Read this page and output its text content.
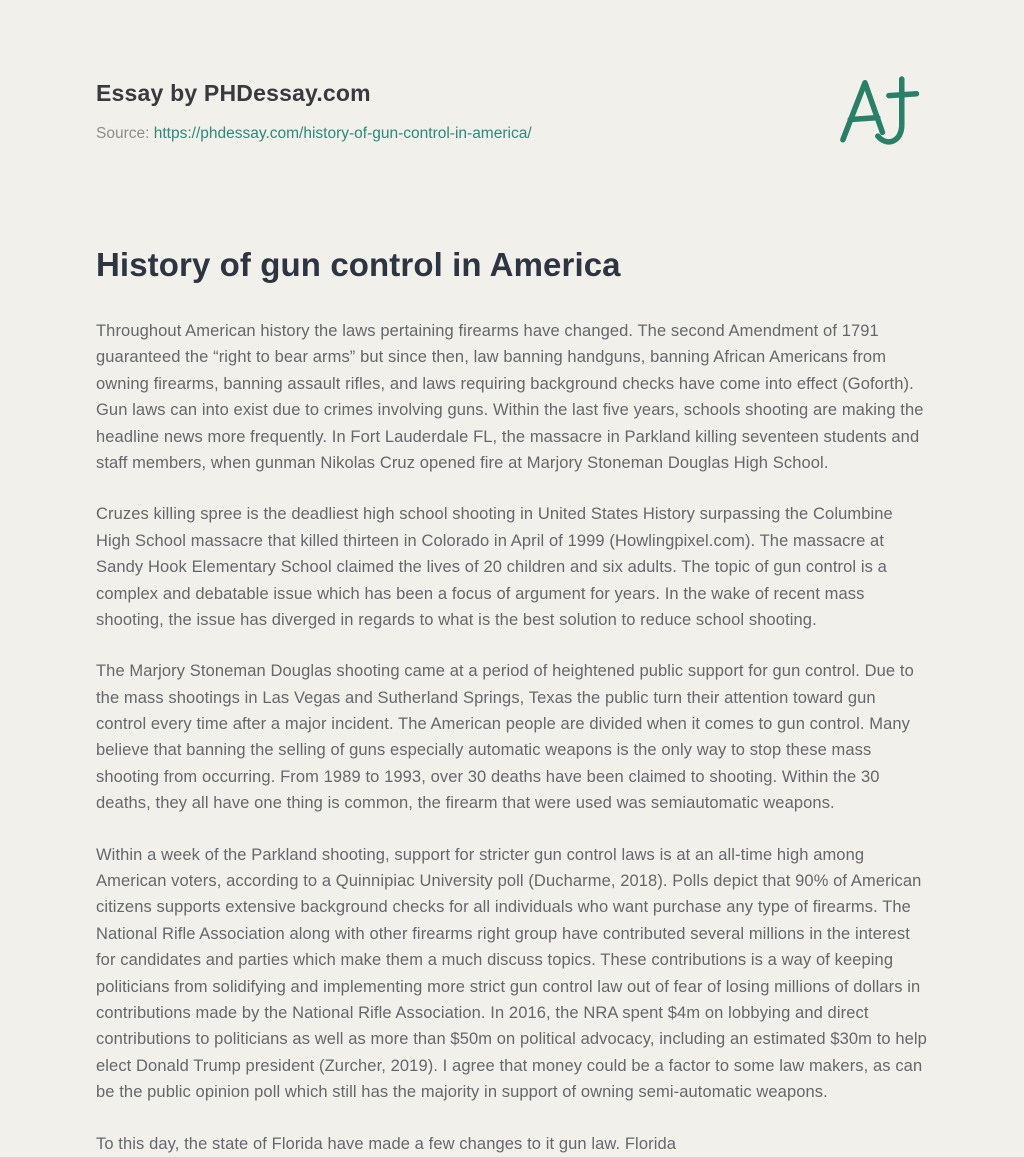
Essay by PHDessay.com
Source: https://phdessay.com/history-of-gun-control-in-america/
History of gun control in America

Throughout American history the laws pertaining firearms have changed. The second Amendment of 1791 guaranteed the “right to bear arms” but since then, law banning handguns, banning African Americans from owning firearms, banning assault rifles, and laws requiring background checks have come into effect (Goforth). Gun laws can into exist due to crimes involving guns. Within the last five years, schools shooting are making the headline news more frequently. In Fort Lauderdale FL, the massacre in Parkland killing seventeen students and staff members, when gunman Nikolas Cruz opened fire at Marjory Stoneman Douglas High School.

Cruzes killing spree is the deadliest high school shooting in United States History surpassing the Columbine High School massacre that killed thirteen in Colorado in April of 1999 (Howlingpixel.com). The massacre at Sandy Hook Elementary School claimed the lives of 20 children and six adults. The topic of gun control is a complex and debatable issue which has been a focus of argument for years. In the wake of recent mass shooting, the issue has diverged in regards to what is the best solution to reduce school shooting.

The Marjory Stoneman Douglas shooting came at a period of heightened public support for gun control. Due to the mass shootings in Las Vegas and Sutherland Springs, Texas the public turn their attention toward gun control every time after a major incident. The American people are divided when it comes to gun control. Many believe that banning the selling of guns especially automatic weapons is the only way to stop these mass shooting from occurring. From 1989 to 1993, over 30 deaths have been claimed to shooting. Within the 30 deaths, they all have one thing is common, the firearm that were used was semiautomatic weapons.

Within a week of the Parkland shooting, support for stricter gun control laws is at an all-time high among American voters, according to a Quinnipiac University poll (Ducharme, 2018). Polls depict that 90% of American citizens supports extensive background checks for all individuals who want purchase any type of firearms. The National Rifle Association along with other firearms right group have contributed several millions in the interest for candidates and parties which make them a much discuss topics. These contributions is a way of keeping politicians from solidifying and implementing more strict gun control law out of fear of losing millions of dollars in contributions made by the National Rifle Association. In 2016, the NRA spent $4m on lobbying and direct contributions to politicians as well as more than $50m on political advocacy, including an estimated $30m to help elect Donald Trump president (Zurcher, 2019). I agree that money could be a factor to some law makers, as can be the public opinion poll which still has the majority in support of owning semi-automatic weapons.

To this day, the state of Florida have made a few changes to it gun law. Florida
